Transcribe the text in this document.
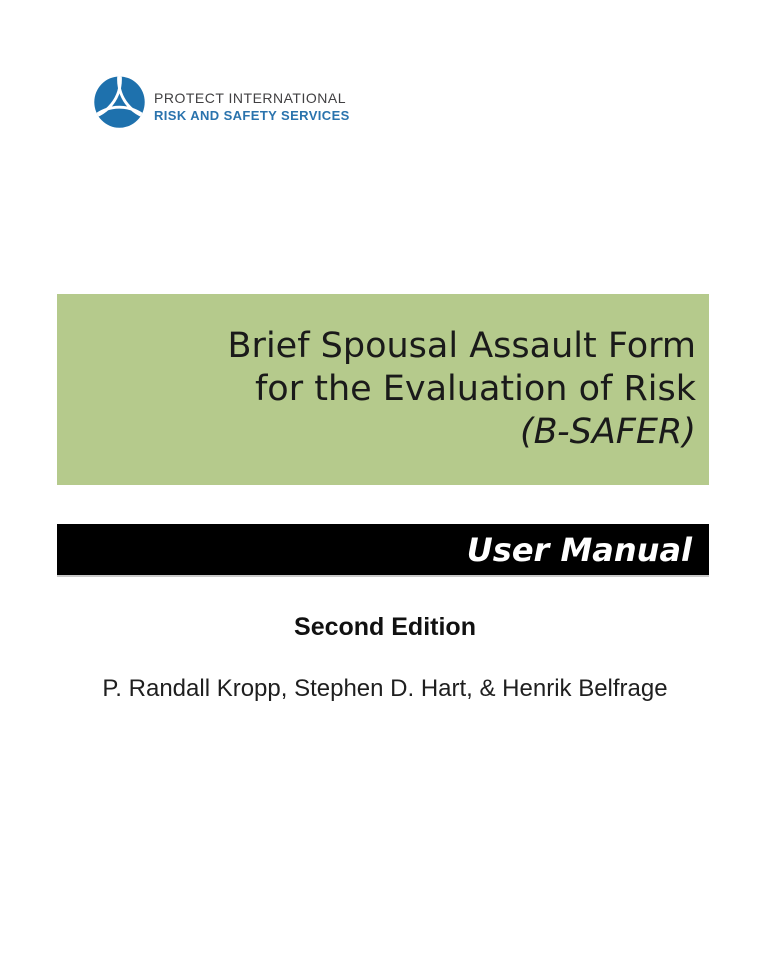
PROTECT INTERNATIONAL
RISK AND SAFETY SERVICES
Brief Spousal Assault Form
for the Evaluation of Risk
(B-SAFER)
User Manual
Second Edition
P. Randall Kropp, Stephen D. Hart, & Henrik Belfrage
